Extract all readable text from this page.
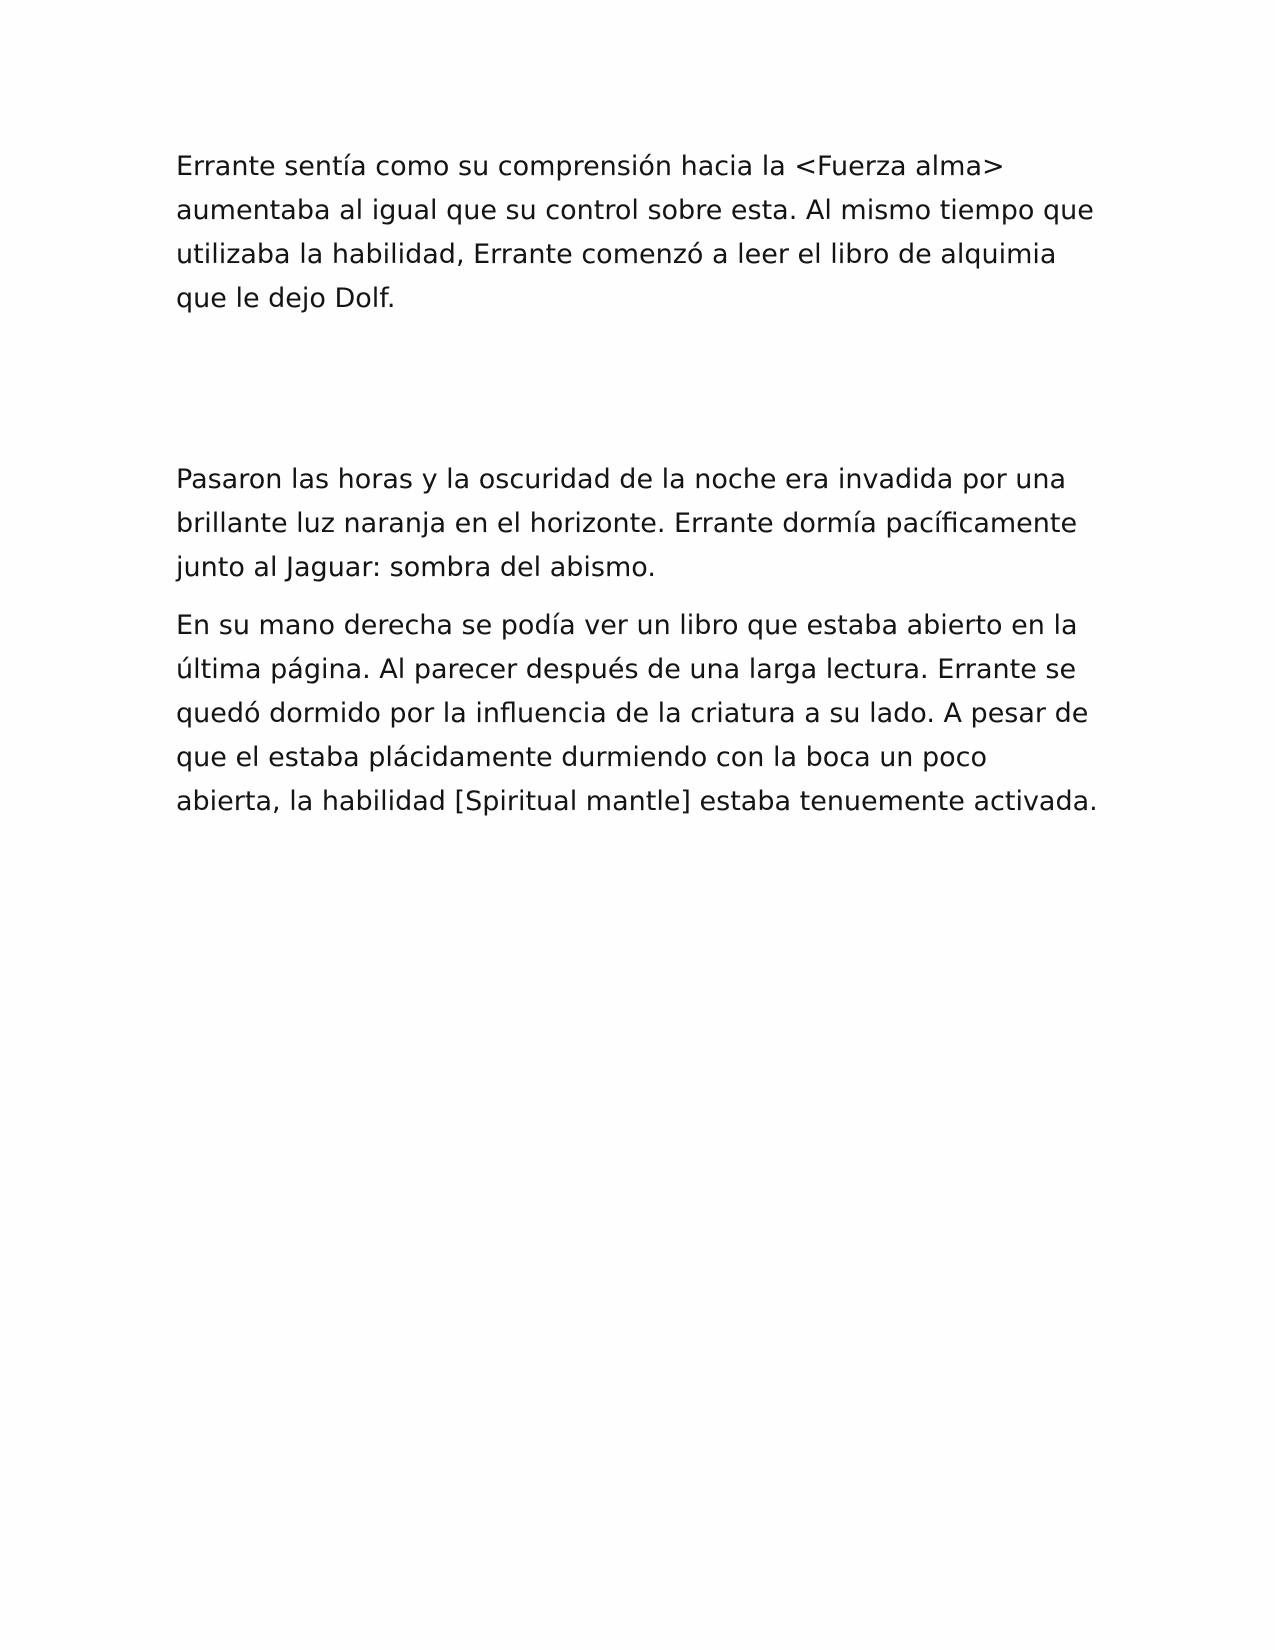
Errante sentía como su comprensión hacia la <Fuerza alma>
aumentaba al igual que su control sobre esta. Al mismo tiempo que
utilizaba la habilidad, Errante comenzó a leer el libro de alquimia
que le dejo Dolf.

Pasaron las horas y la oscuridad de la noche era invadida por una
brillante luz naranja en el horizonte. Errante dormía pacíficamente
junto al Jaguar: sombra del abismo.

En su mano derecha se podía ver un libro que estaba abierto en la
última página. Al parecer después de una larga lectura. Errante se
quedó dormido por la influencia de la criatura a su lado. A pesar de
que el estaba plácidamente durmiendo con la boca un poco
abierta, la habilidad [Spiritual mantle] estaba tenuemente activada.
